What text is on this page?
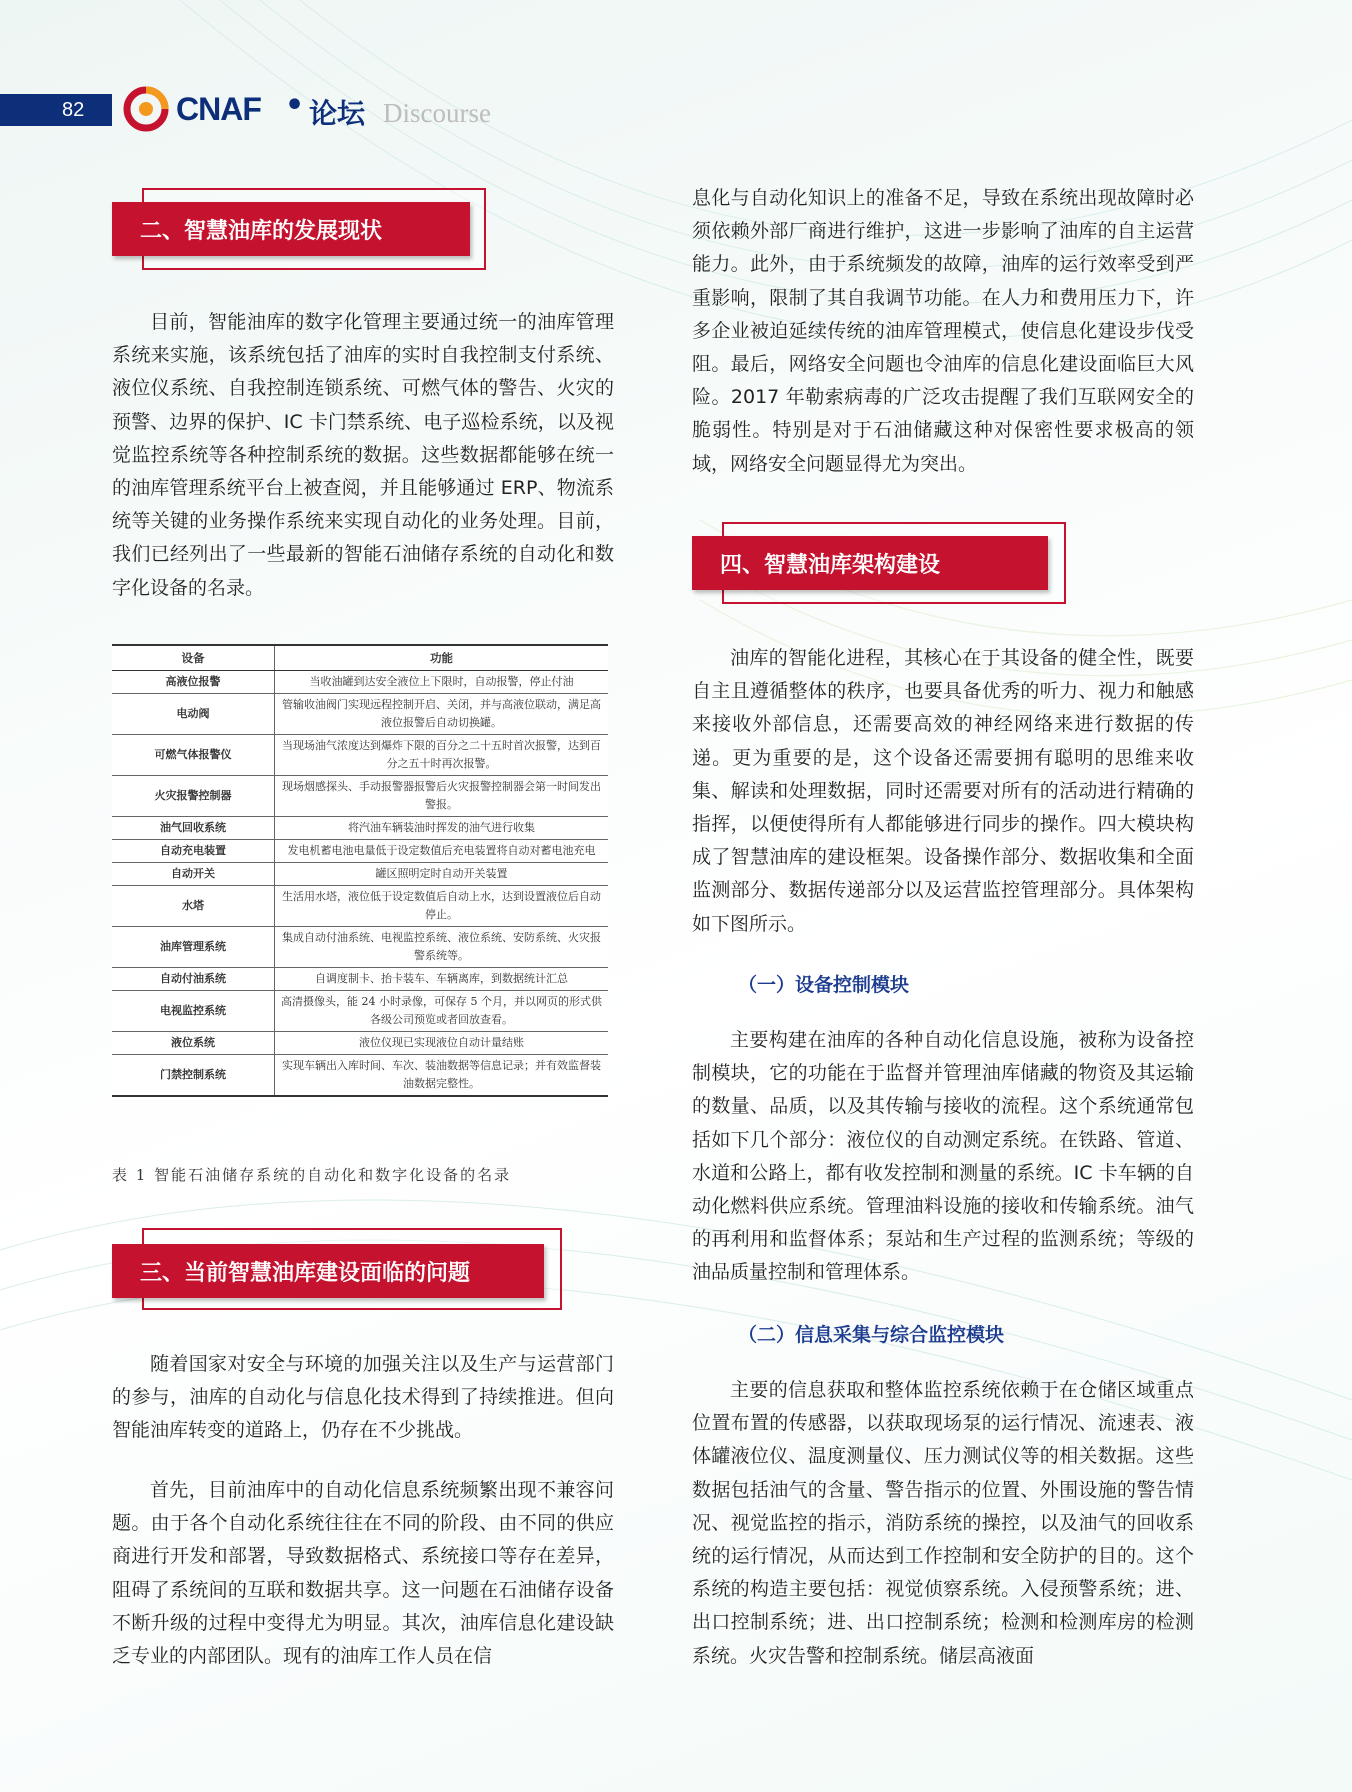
82	CNAF • 论坛 Discourse
二、智慧油库的发展现状

目前，智能油库的数字化管理主要通过统一的油库管理系统来实施，该系统包括了油库的实时自我控制支付系统、液位仪系统、自我控制连锁系统、可燃气体的警告、火灾的预警、边界的保护、IC 卡门禁系统、电子巡检系统，以及视觉监控系统等各种控制系统的数据。这些数据都能够在统一的油库管理系统平台上被查阅，并且能够通过 ERP、物流系统等关键的业务操作系统来实现自动化的业务处理。目前，我们已经列出了一些最新的智能石油储存系统的自动化和数字化设备的名录。

设备	功能
高液位报警	当收油罐到达安全液位上下限时，自动报警，停止付油
电动阀	管输收油阀门实现远程控制开启、关闭，并与高液位联动，满足高液位报警后自动切换罐。
可燃气体报警仪	当现场油气浓度达到爆炸下限的百分之二十五时首次报警，达到百分之五十时再次报警。
火灾报警控制器	现场烟感探头、手动报警器报警后火灾报警控制器会第一时间发出警报。
油气回收系统	将汽油车辆装油时挥发的油气进行收集
自动充电装置	发电机蓄电池电量低于设定数值后充电装置将自动对蓄电池充电
自动开关	罐区照明定时自动开关装置
水塔	生活用水塔，液位低于设定数值后自动上水，达到设置液位后自动停止。
油库管理系统	集成自动付油系统、电视监控系统、液位系统、安防系统、火灾报警系统等。
自动付油系统	自调度制卡、抬卡装车、车辆离库，到数据统计汇总
电视监控系统	高清摄像头，能 24 小时录像，可保存 5 个月，并以网页的形式供各级公司预览或者回放查看。
液位系统	液位仪现已实现液位自动计量结账
门禁控制系统	实现车辆出入库时间、车次、装油数据等信息记录；并有效监督装油数据完整性。
表 1 智能石油储存系统的自动化和数字化设备的名录
三、当前智慧油库建设面临的问题

随着国家对安全与环境的加强关注以及生产与运营部门的参与，油库的自动化与信息化技术得到了持续推进。但向智能油库转变的道路上，仍存在不少挑战。

首先，目前油库中的自动化信息系统频繁出现不兼容问题。由于各个自动化系统往往在不同的阶段、由不同的供应商进行开发和部署，导致数据格式、系统接口等存在差异，阻碍了系统间的互联和数据共享。这一问题在石油储存设备不断升级的过程中变得尤为明显。其次，油库信息化建设缺乏专业的内部团队。现有的油库工作人员在信

息化与自动化知识上的准备不足，导致在系统出现故障时必须依赖外部厂商进行维护，这进一步影响了油库的自主运营能力。此外，由于系统频发的故障，油库的运行效率受到严重影响，限制了其自我调节功能。在人力和费用压力下，许多企业被迫延续传统的油库管理模式，使信息化建设步伐受阻。最后，网络安全问题也令油库的信息化建设面临巨大风险。2017 年勒索病毒的广泛攻击提醒了我们互联网安全的脆弱性。特别是对于石油储藏这种对保密性要求极高的领域，网络安全问题显得尤为突出。

四、智慧油库架构建设

油库的智能化进程，其核心在于其设备的健全性，既要自主且遵循整体的秩序，也要具备优秀的听力、视力和触感来接收外部信息，还需要高效的神经网络来进行数据的传递。更为重要的是，这个设备还需要拥有聪明的思维来收集、解读和处理数据，同时还需要对所有的活动进行精确的指挥，以便使得所有人都能够进行同步的操作。四大模块构成了智慧油库的建设框架。设备操作部分、数据收集和全面监测部分、数据传递部分以及运营监控管理部分。具体架构如下图所示。

（一）设备控制模块

主要构建在油库的各种自动化信息设施，被称为设备控制模块，它的功能在于监督并管理油库储藏的物资及其运输的数量、品质，以及其传输与接收的流程。这个系统通常包括如下几个部分：液位仪的自动测定系统。在铁路、管道、水道和公路上，都有收发控制和测量的系统。IC 卡车辆的自动化燃料供应系统。管理油料设施的接收和传输系统。油气的再利用和监督体系；泵站和生产过程的监测系统；等级的油品质量控制和管理体系。

（二）信息采集与综合监控模块

主要的信息获取和整体监控系统依赖于在仓储区域重点位置布置的传感器，以获取现场泵的运行情况、流速表、液体罐液位仪、温度测量仪、压力测试仪等的相关数据。这些数据包括油气的含量、警告指示的位置、外围设施的警告情况、视觉监控的指示，消防系统的操控，以及油气的回收系统的运行情况，从而达到工作控制和安全防护的目的。这个系统的构造主要包括：视觉侦察系统。入侵预警系统；进、出口控制系统；进、出口控制系统；检测和检测库房的检测系统。火灾告警和控制系统。储层高液面
